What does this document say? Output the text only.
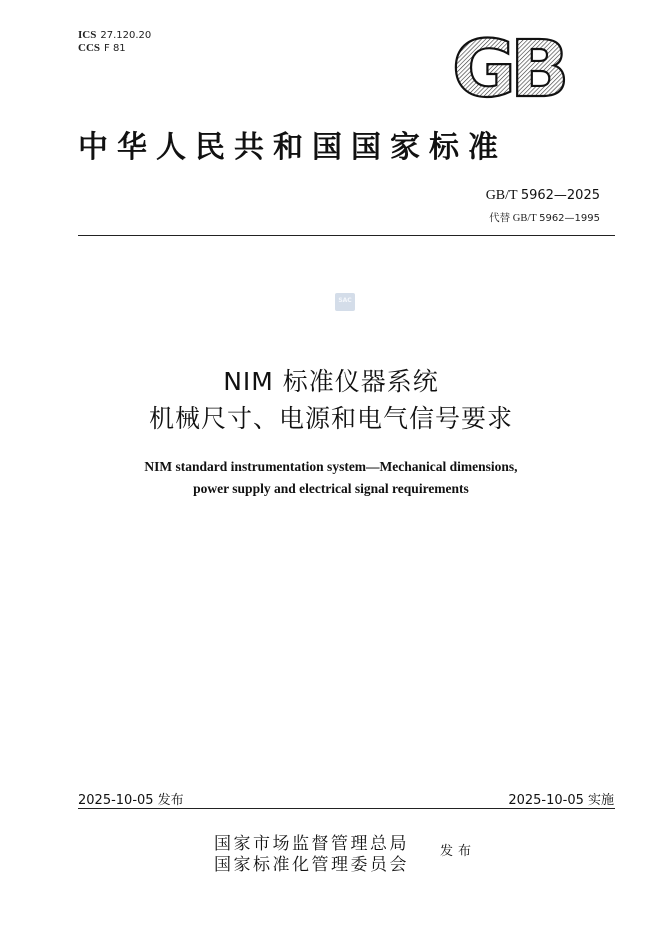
ICS 27.120.20
CCS F 81	GB
中华人民共和国国家标准
GB/T 5962—2025
代替 GB/T 5962—1995
SAC
NIM 标准仪器系统
机械尺寸、电源和电气信号要求
NIM standard instrumentation system—Mechanical dimensions,
power supply and electrical signal requirements
2025-10-05 发布	2025-10-05 实施
国家市场监督管理总局
国家标准化管理委员会
发布
